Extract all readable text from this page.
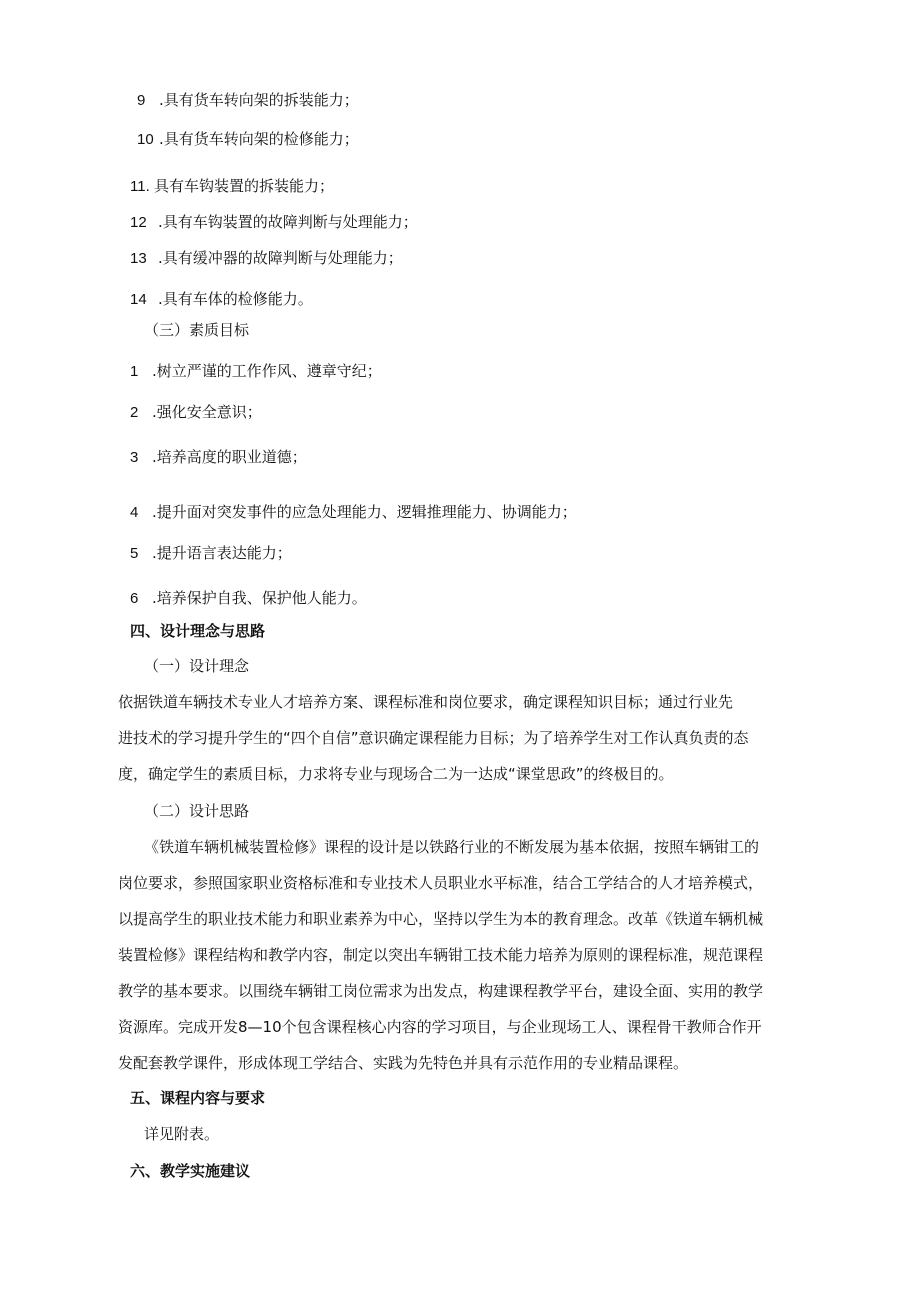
9 .具有货车转向架的拆装能力；
10 .具有货车转向架的检修能力；
11. 具有车钩装置的拆装能力；
12 .具有车钩装置的故障判断与处理能力；
13 .具有缓冲器的故障判断与处理能力；
14 .具有车体的检修能力。
（三）素质目标
1 .树立严谨的工作作风、遵章守纪；
2 .强化安全意识；
3 .培养高度的职业道德；
4 .提升面对突发事件的应急处理能力、逻辑推理能力、协调能力；
5 .提升语言表达能力；
6 .培养保护自我、保护他人能力。
四、设计理念与思路
（一）设计理念
依据铁道车辆技术专业人才培养方案、课程标准和岗位要求，确定课程知识目标；通过行业先
进技术的学习提升学生的“四个自信”意识确定课程能力目标；为了培养学生对工作认真负责的态
度，确定学生的素质目标，力求将专业与现场合二为一达成“课堂思政”的终极目的。
（二）设计思路
《铁道车辆机械装置检修》课程的设计是以铁路行业的不断发展为基本依据，按照车辆钳工的
岗位要求，参照国家职业资格标准和专业技术人员职业水平标准，结合工学结合的人才培养模式，
以提高学生的职业技术能力和职业素养为中心，坚持以学生为本的教育理念。改革《铁道车辆机械
装置检修》课程结构和教学内容，制定以突出车辆钳工技术能力培养为原则的课程标准，规范课程
教学的基本要求。以围绕车辆钳工岗位需求为出发点，构建课程教学平台，建设全面、实用的教学
资源库。完成开发8—10个包含课程核心内容的学习项目，与企业现场工人、课程骨干教师合作开
发配套教学课件，形成体现工学结合、实践为先特色并具有示范作用的专业精品课程。
五、课程内容与要求
详见附表。
六、教学实施建议
